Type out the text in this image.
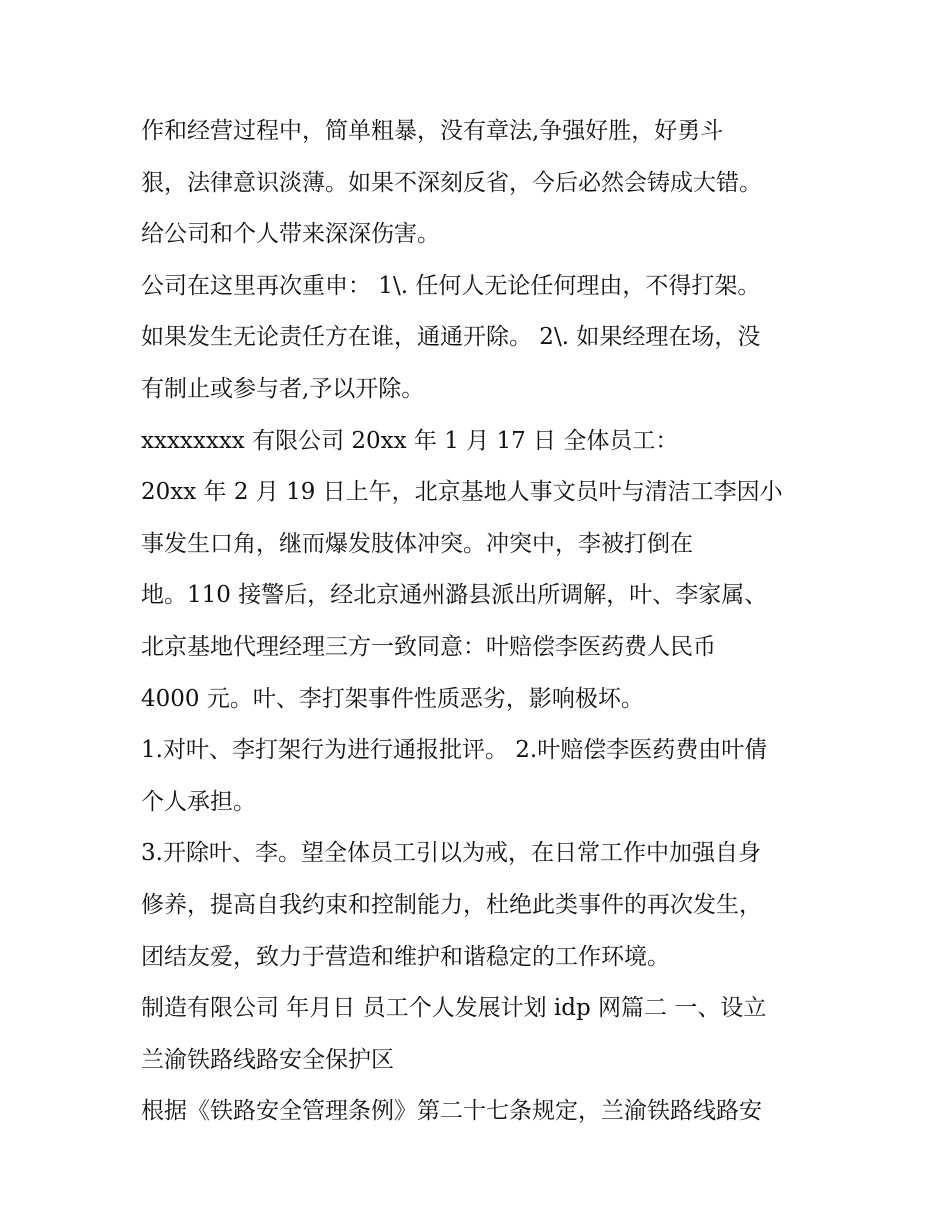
作和经营过程中，简单粗暴，没有章法,争强好胜，好勇斗
狠，法律意识淡薄。如果不深刻反省，今后必然会铸成大错。
给公司和个人带来深深伤害。
公司在这里再次重申： 1\. 任何人无论任何理由，不得打架。
如果发生无论责任方在谁，通通开除。 2\. 如果经理在场，没
有制止或参与者,予以开除。
xxxxxxxx 有限公司 20xx 年 1 月 17 日 全体员工：
20xx 年 2 月 19 日上午，北京基地人事文员叶与清洁工李因小
事发生口角，继而爆发肢体冲突。冲突中，李被打倒在
地。110 接警后，经北京通州潞县派出所调解，叶、李家属、
北京基地代理经理三方一致同意：叶赔偿李医药费人民币
4000 元。叶、李打架事件性质恶劣，影响极坏。
1.对叶、李打架行为进行通报批评。 2.叶赔偿李医药费由叶倩
个人承担。
3.开除叶、李。望全体员工引以为戒，在日常工作中加强自身
修养，提高自我约束和控制能力，杜绝此类事件的再次发生，
团结友爱，致力于营造和维护和谐稳定的工作环境。
制造有限公司 年月日 员工个人发展计划 idp 网篇二 一、设立
兰渝铁路线路安全保护区
根据《铁路安全管理条例》第二十七条规定，兰渝铁路线路安
